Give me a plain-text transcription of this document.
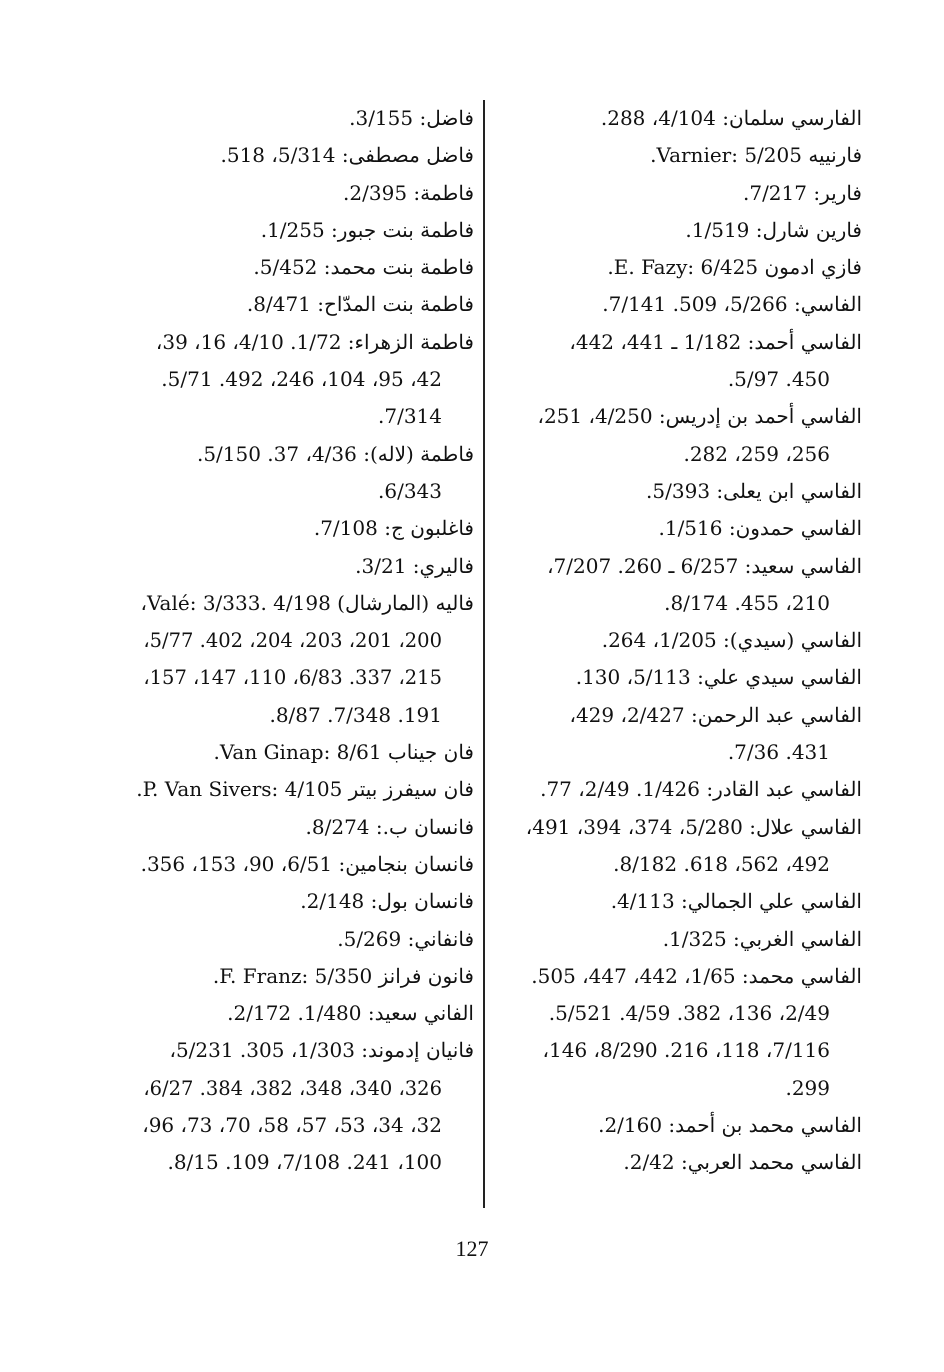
الفارسي سلمان: 4/104، 288.
فارنييه Varnier: 5/205.
فارير: 7/217.
فارين شارل: 1/519.
فازي ادمون E. Fazy: 6/425.
الفاسي: 5/266، 509. 7/141.
الفاسي أحمد: 1/182 ـ 441، 442،
450. 5/97.
الفاسي أحمد بن إدريس: 4/250، 251،
256، 259، 282.
الفاسي ابن يعلى: 5/393.
الفاسي حمدون: 1/516.
الفاسي سعيد: 6/257 ـ 260. 7/207،
210، 455. 8/174.
الفاسي (سيدي): 1/205، 264.
الفاسي سيدي علي: 5/113، 130.
الفاسي عبد الرحمن: 2/427، 429،
431. 7/36.
الفاسي عبد القادر: 1/426. 2/49، 77.
الفاسي علال: 5/280، 374، 394، 491،
492، 562، 618. 8/182.
الفاسي علي الجمالي: 4/113.
الفاسي الغربي: 1/325.
الفاسي محمد: 1/65، 442، 447، 505.
2/49، 136، 382. 4/59. 5/521.
7/116، 118، 216. 8/290، 146،
299.
الفاسي محمد بن أحمد: 2/160.
الفاسي محمد العربي: 2/42.
فاضل: 3/155.
فاضل مصطفى: 5/314، 518.
فاطمة: 2/395.
فاطمة بنت جبور: 1/255.
فاطمة بنت محمد: 5/452.
فاطمة بنت المدّاح: 8/471.
فاطمة الزهراء: 1/72. 4/10، 16، 39،
42، 95، 104، 246، 492. 5/71.
7/314.
فاطمة (لاله): 4/36، 37. 5/150.
6/343.
فاغلبون ج: 7/108.
فاليري: 3/21.
فاليه (المارشال) Valé: 3/333. 4/198،
200، 201، 203، 204، 402. 5/77،
215، 337. 6/83، 110، 147، 157،
191. 7/348. 8/87.
فان جيناب Van Ginap: 8/61.
فان سيفرز بيتر P. Van Sivers: 4/105.
فانسان ب.: 8/274.
فانسان بنجامين: 6/51، 90، 153، 356.
فانسان بول: 2/148.
فانفاني: 5/269.
فانون فرانز F. Franz: 5/350.
الفاني سعيد: 1/480. 2/172.
فانيان إدموند: 1/303، 305. 5/231،
326، 340، 348، 382، 384. 6/27،
32، 34، 53، 57، 58، 70، 73، 96،
100، 241. 7/108، 109. 8/15.
127
